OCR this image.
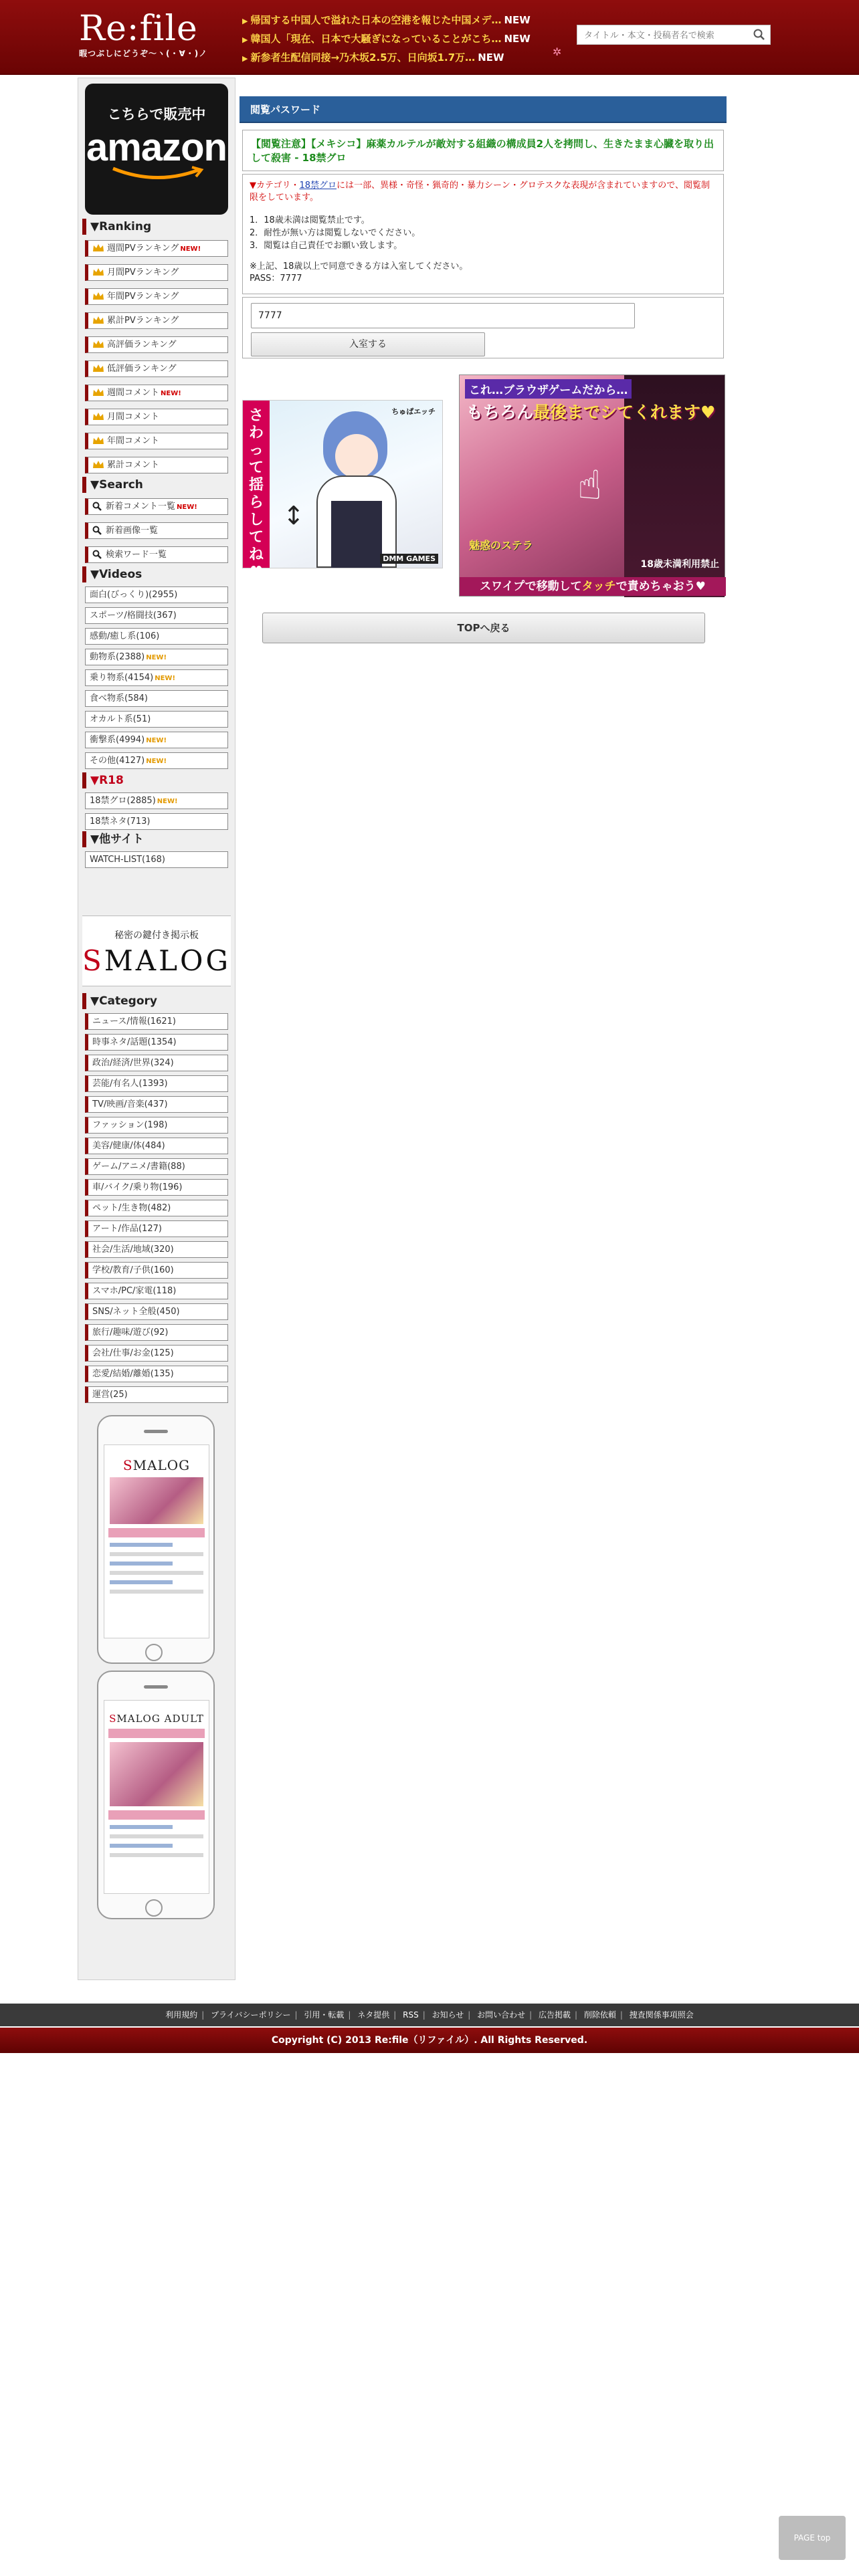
Re:file
暇つぶしにどうぞ〜ヽ(・∀・)ノ
▶ 帰国する中国人で溢れた日本の空港を報じた中国メデ… NEW
▶ 韓国人「現在、日本で大騒ぎになっていることがこち… NEW
▶ 新参者生配信同接→乃木坂2.5万、日向坂1.7万… NEW
タイトル・本文・投稿者名で検索	✲
こちらで販売中
amazon
▼Ranking
週間PVランキング NEW!
月間PVランキング
年間PVランキング
累計PVランキング
高評価ランキング
低評価ランキング
週間コメント NEW!
月間コメント
年間コメント
累計コメント
▼Search
新着コメント一覧 NEW!
新着画像一覧
検索ワード一覧
▼Videos
面白(びっくり)(2955)
スポーツ/格闘技(367)
感動/癒し系(106)
動物系(2388) NEW!
乗り物系(4154) NEW!
食べ物系(584)
オカルト系(51)
衝撃系(4994) NEW!
その他(4127) NEW!
▼R18
18禁グロ(2885) NEW!
18禁ネタ(713)
▼他サイト
WATCH-LIST(168)
秘密の鍵付き掲示板
SMALOG
▼Category
ニュース/情報(1621)
時事ネタ/話題(1354)
政治/経済/世界(324)
芸能/有名人(1393)
TV/映画/音楽(437)
ファッション(198)
美容/健康/体(484)
ゲーム/アニメ/書籍(88)
車/バイク/乗り物(196)
ペット/生き物(482)
アート/作品(127)
社会/生活/地域(320)
学校/教育/子供(160)
スマホ/PC/家電(118)
SNS/ネット全般(450)
旅行/趣味/遊び(92)
会社/仕事/お金(125)
恋愛/結婚/離婚(135)
運営(25)
SMALOG
SMALOG ADULT
閲覧パスワード
【閲覧注意】【メキシコ】麻薬カルテルが敵対する組織の構成員2人を拷問し、生きたまま心臓を取り出して殺害 - 18禁グロ
▼カテゴリ・18禁グロには一部、異様・奇怪・猟奇的・暴力シーン・グロテスクな表現が含まれていますので、閲覧制限をしています。
1．18歳未満は閲覧禁止です。
2．耐性が無い方は閲覧しないでください。
3．閲覧は自己責任でお願い致します。
※上記、18歳以上で同意できる方は入室してください。
PASS：7777
7777
入室する
さわって揺らしてね♥
↕
ちゅぱエッチ
DMM GAMES
これ…ブラウザゲームだから…
もちろん最後までシてくれます♥
☝
魅惑のステラ
18歳未満利用禁止
スワイプで移動してタッチで責めちゃおう♥
TOPへ戻る
利用規約 | プライバシーポリシー | 引用・転載 | ネタ提供 | RSS | お知らせ | お問い合わせ | 広告掲載 | 削除依頼 | 捜査関係事項照会
Copyright (C) 2013 Re:file（リファイル）. All Rights Reserved.
PAGE top
